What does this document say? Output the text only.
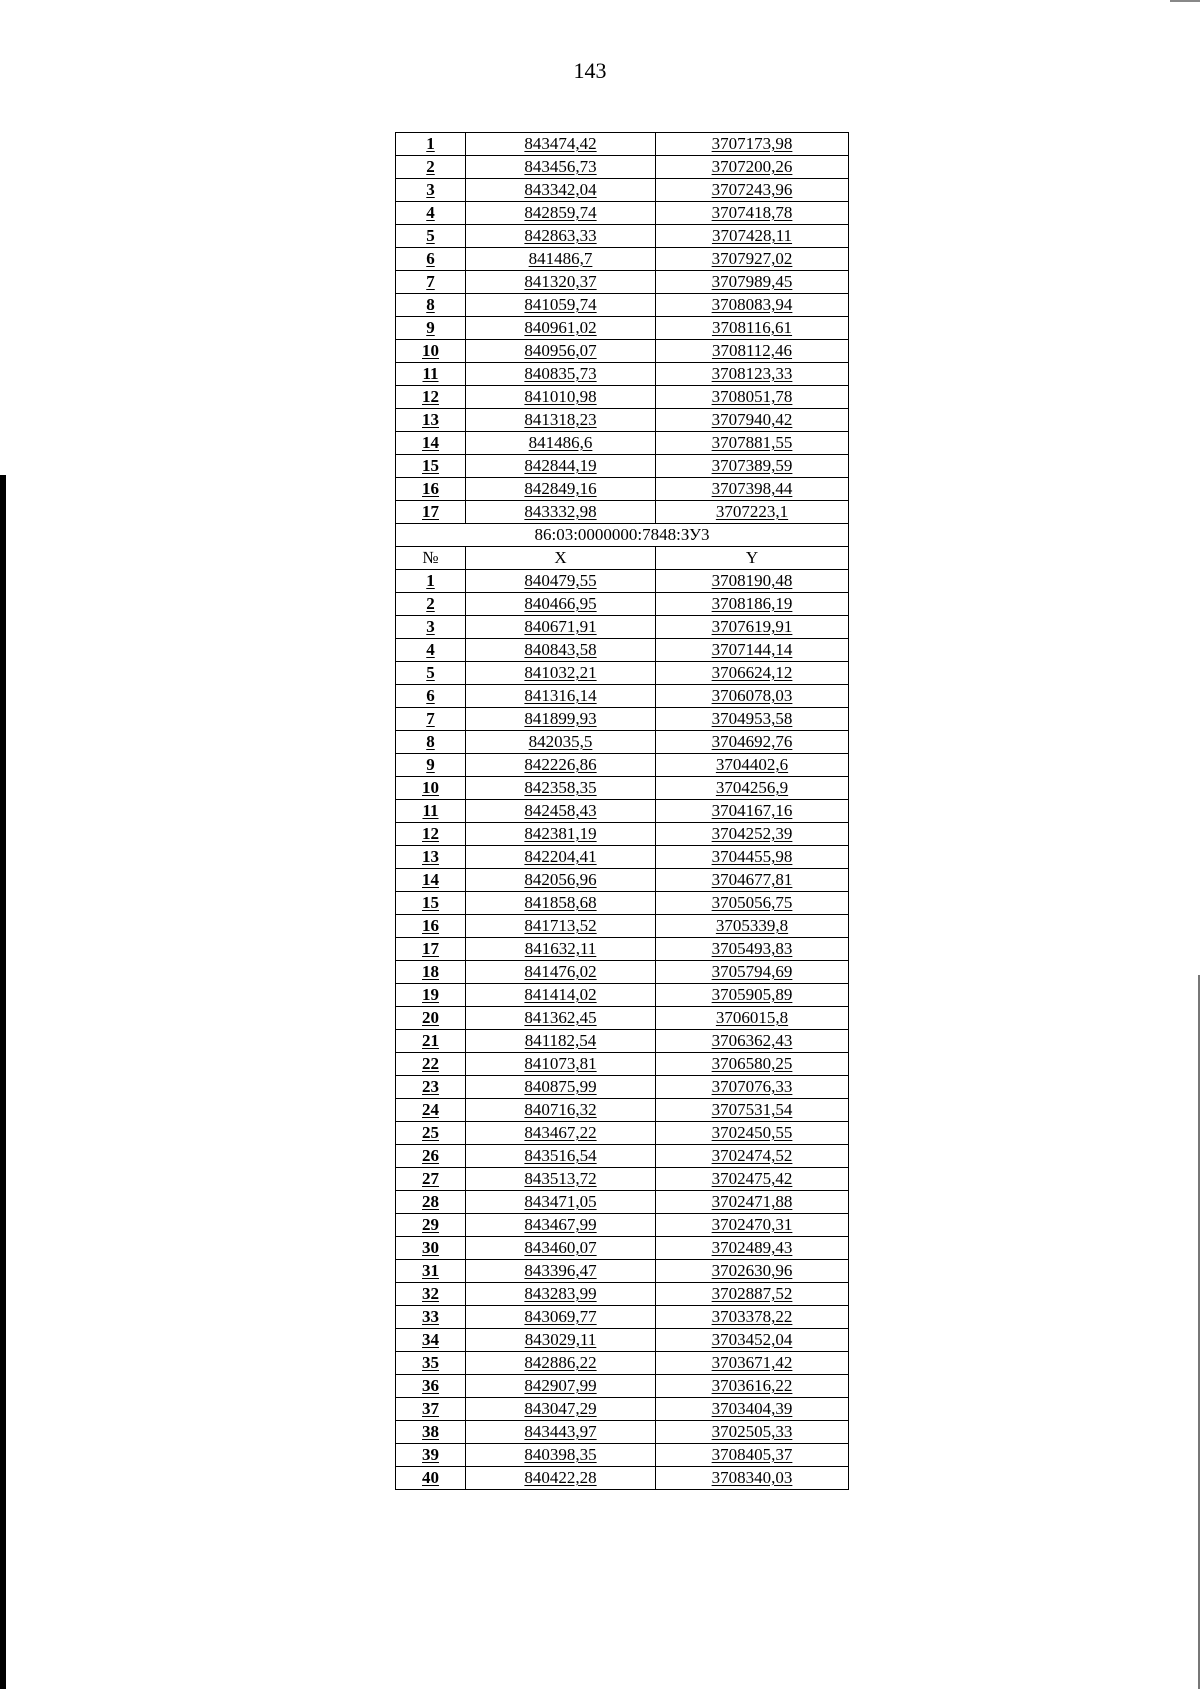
143
1	843474,42	3707173,98
2	843456,73	3707200,26
3	843342,04	3707243,96
4	842859,74	3707418,78
5	842863,33	3707428,11
6	841486,7	3707927,02
7	841320,37	3707989,45
8	841059,74	3708083,94
9	840961,02	3708116,61
10	840956,07	3708112,46
11	840835,73	3708123,33
12	841010,98	3708051,78
13	841318,23	3707940,42
14	841486,6	3707881,55
15	842844,19	3707389,59
16	842849,16	3707398,44
17	843332,98	3707223,1
86:03:0000000:7848:ЗУ3		
№	X	Y
1	840479,55	3708190,48
2	840466,95	3708186,19
3	840671,91	3707619,91
4	840843,58	3707144,14
5	841032,21	3706624,12
6	841316,14	3706078,03
7	841899,93	3704953,58
8	842035,5	3704692,76
9	842226,86	3704402,6
10	842358,35	3704256,9
11	842458,43	3704167,16
12	842381,19	3704252,39
13	842204,41	3704455,98
14	842056,96	3704677,81
15	841858,68	3705056,75
16	841713,52	3705339,8
17	841632,11	3705493,83
18	841476,02	3705794,69
19	841414,02	3705905,89
20	841362,45	3706015,8
21	841182,54	3706362,43
22	841073,81	3706580,25
23	840875,99	3707076,33
24	840716,32	3707531,54
25	843467,22	3702450,55
26	843516,54	3702474,52
27	843513,72	3702475,42
28	843471,05	3702471,88
29	843467,99	3702470,31
30	843460,07	3702489,43
31	843396,47	3702630,96
32	843283,99	3702887,52
33	843069,77	3703378,22
34	843029,11	3703452,04
35	842886,22	3703671,42
36	842907,99	3703616,22
37	843047,29	3703404,39
38	843443,97	3702505,33
39	840398,35	3708405,37
40	840422,28	3708340,03
